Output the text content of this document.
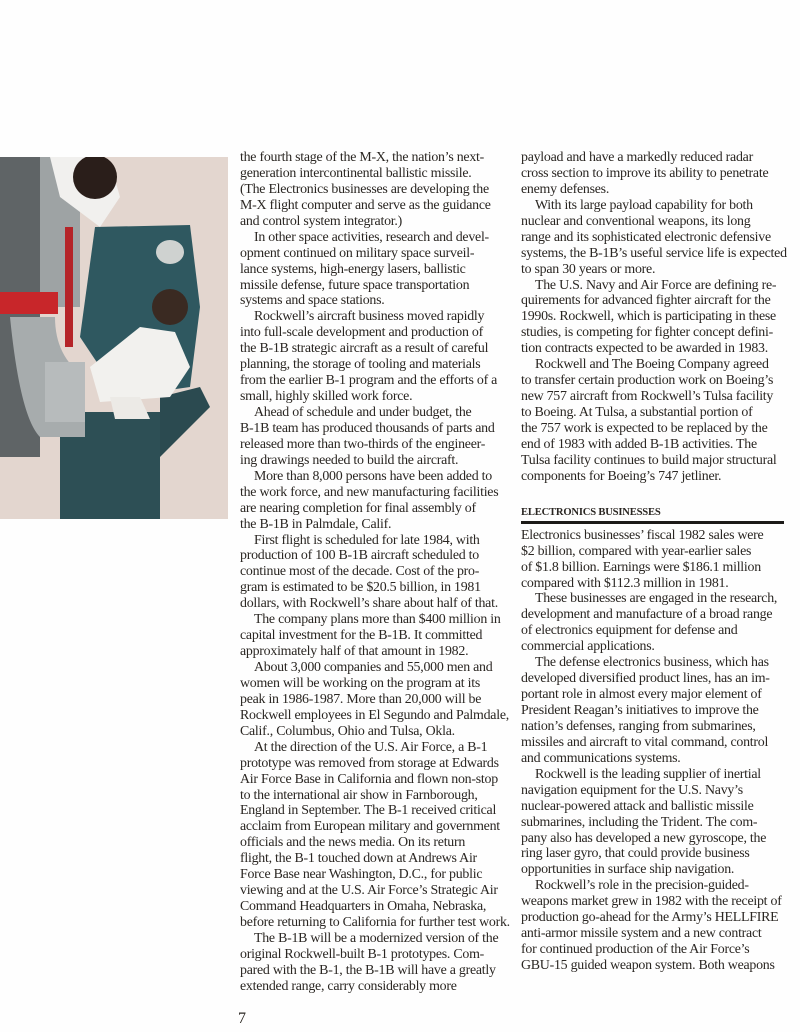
the fourth stage of the M-X, the nation’s next-
generation intercontinental ballistic missile.
(The Electronics businesses are developing the
M-X flight computer and serve as the guidance
and control system integrator.)
In other space activities, research and devel-
opment continued on military space surveil-
lance systems, high-energy lasers, ballistic
missile defense, future space transportation
systems and space stations.
Rockwell’s aircraft business moved rapidly
into full-scale development and production of
the B-1B strategic aircraft as a result of careful
planning, the storage of tooling and materials
from the earlier B-1 program and the efforts of a
small, highly skilled work force.
Ahead of schedule and under budget, the
B-1B team has produced thousands of parts and
released more than two-thirds of the engineer-
ing drawings needed to build the aircraft.
More than 8,000 persons have been added to
the work force, and new manufacturing facilities
are nearing completion for final assembly of
the B-1B in Palmdale, Calif.
First flight is scheduled for late 1984, with
production of 100 B-1B aircraft scheduled to
continue most of the decade. Cost of the pro-
gram is estimated to be $20.5 billion, in 1981
dollars, with Rockwell’s share about half of that.
The company plans more than $400 million in
capital investment for the B-1B. It committed
approximately half of that amount in 1982.
About 3,000 companies and 55,000 men and
women will be working on the program at its
peak in 1986-1987. More than 20,000 will be
Rockwell employees in El Segundo and Palmdale,
Calif., Columbus, Ohio and Tulsa, Okla.
At the direction of the U.S. Air Force, a B-1
prototype was removed from storage at Edwards
Air Force Base in California and flown non-stop
to the international air show in Farnborough,
England in September. The B-1 received critical
acclaim from European military and government
officials and the news media. On its return
flight, the B-1 touched down at Andrews Air
Force Base near Washington, D.C., for public
viewing and at the U.S. Air Force’s Strategic Air
Command Headquarters in Omaha, Nebraska,
before returning to California for further test work.
The B-1B will be a modernized version of the
original Rockwell-built B-1 prototypes. Com-
pared with the B-1, the B-1B will have a greatly
extended range, carry considerably more
payload and have a markedly reduced radar
cross section to improve its ability to penetrate
enemy defenses.
With its large payload capability for both
nuclear and conventional weapons, its long
range and its sophisticated electronic defensive
systems, the B-1B’s useful service life is expected
to span 30 years or more.
The U.S. Navy and Air Force are defining re-
quirements for advanced fighter aircraft for the
1990s. Rockwell, which is participating in these
studies, is competing for fighter concept defini-
tion contracts expected to be awarded in 1983.
Rockwell and The Boeing Company agreed
to transfer certain production work on Boeing’s
new 757 aircraft from Rockwell’s Tulsa facility
to Boeing. At Tulsa, a substantial portion of
the 757 work is expected to be replaced by the
end of 1983 with added B-1B activities. The
Tulsa facility continues to build major structural
components for Boeing’s 747 jetliner.
ELECTRONICS BUSINESSES
Electronics businesses’ fiscal 1982 sales were
$2 billion, compared with year-earlier sales
of $1.8 billion. Earnings were $186.1 million
compared with $112.3 million in 1981.
These businesses are engaged in the research,
development and manufacture of a broad range
of electronics equipment for defense and
commercial applications.
The defense electronics business, which has
developed diversified product lines, has an im-
portant role in almost every major element of
President Reagan’s initiatives to improve the
nation’s defenses, ranging from submarines,
missiles and aircraft to vital command, control
and communications systems.
Rockwell is the leading supplier of inertial
navigation equipment for the U.S. Navy’s
nuclear-powered attack and ballistic missile
submarines, including the Trident. The com-
pany also has developed a new gyroscope, the
ring laser gyro, that could provide business
opportunities in surface ship navigation.
Rockwell’s role in the precision-guided-
weapons market grew in 1982 with the receipt of
production go-ahead for the Army’s HELLFIRE
anti-armor missile system and a new contract
for continued production of the Air Force’s
GBU-15 guided weapon system. Both weapons
7
